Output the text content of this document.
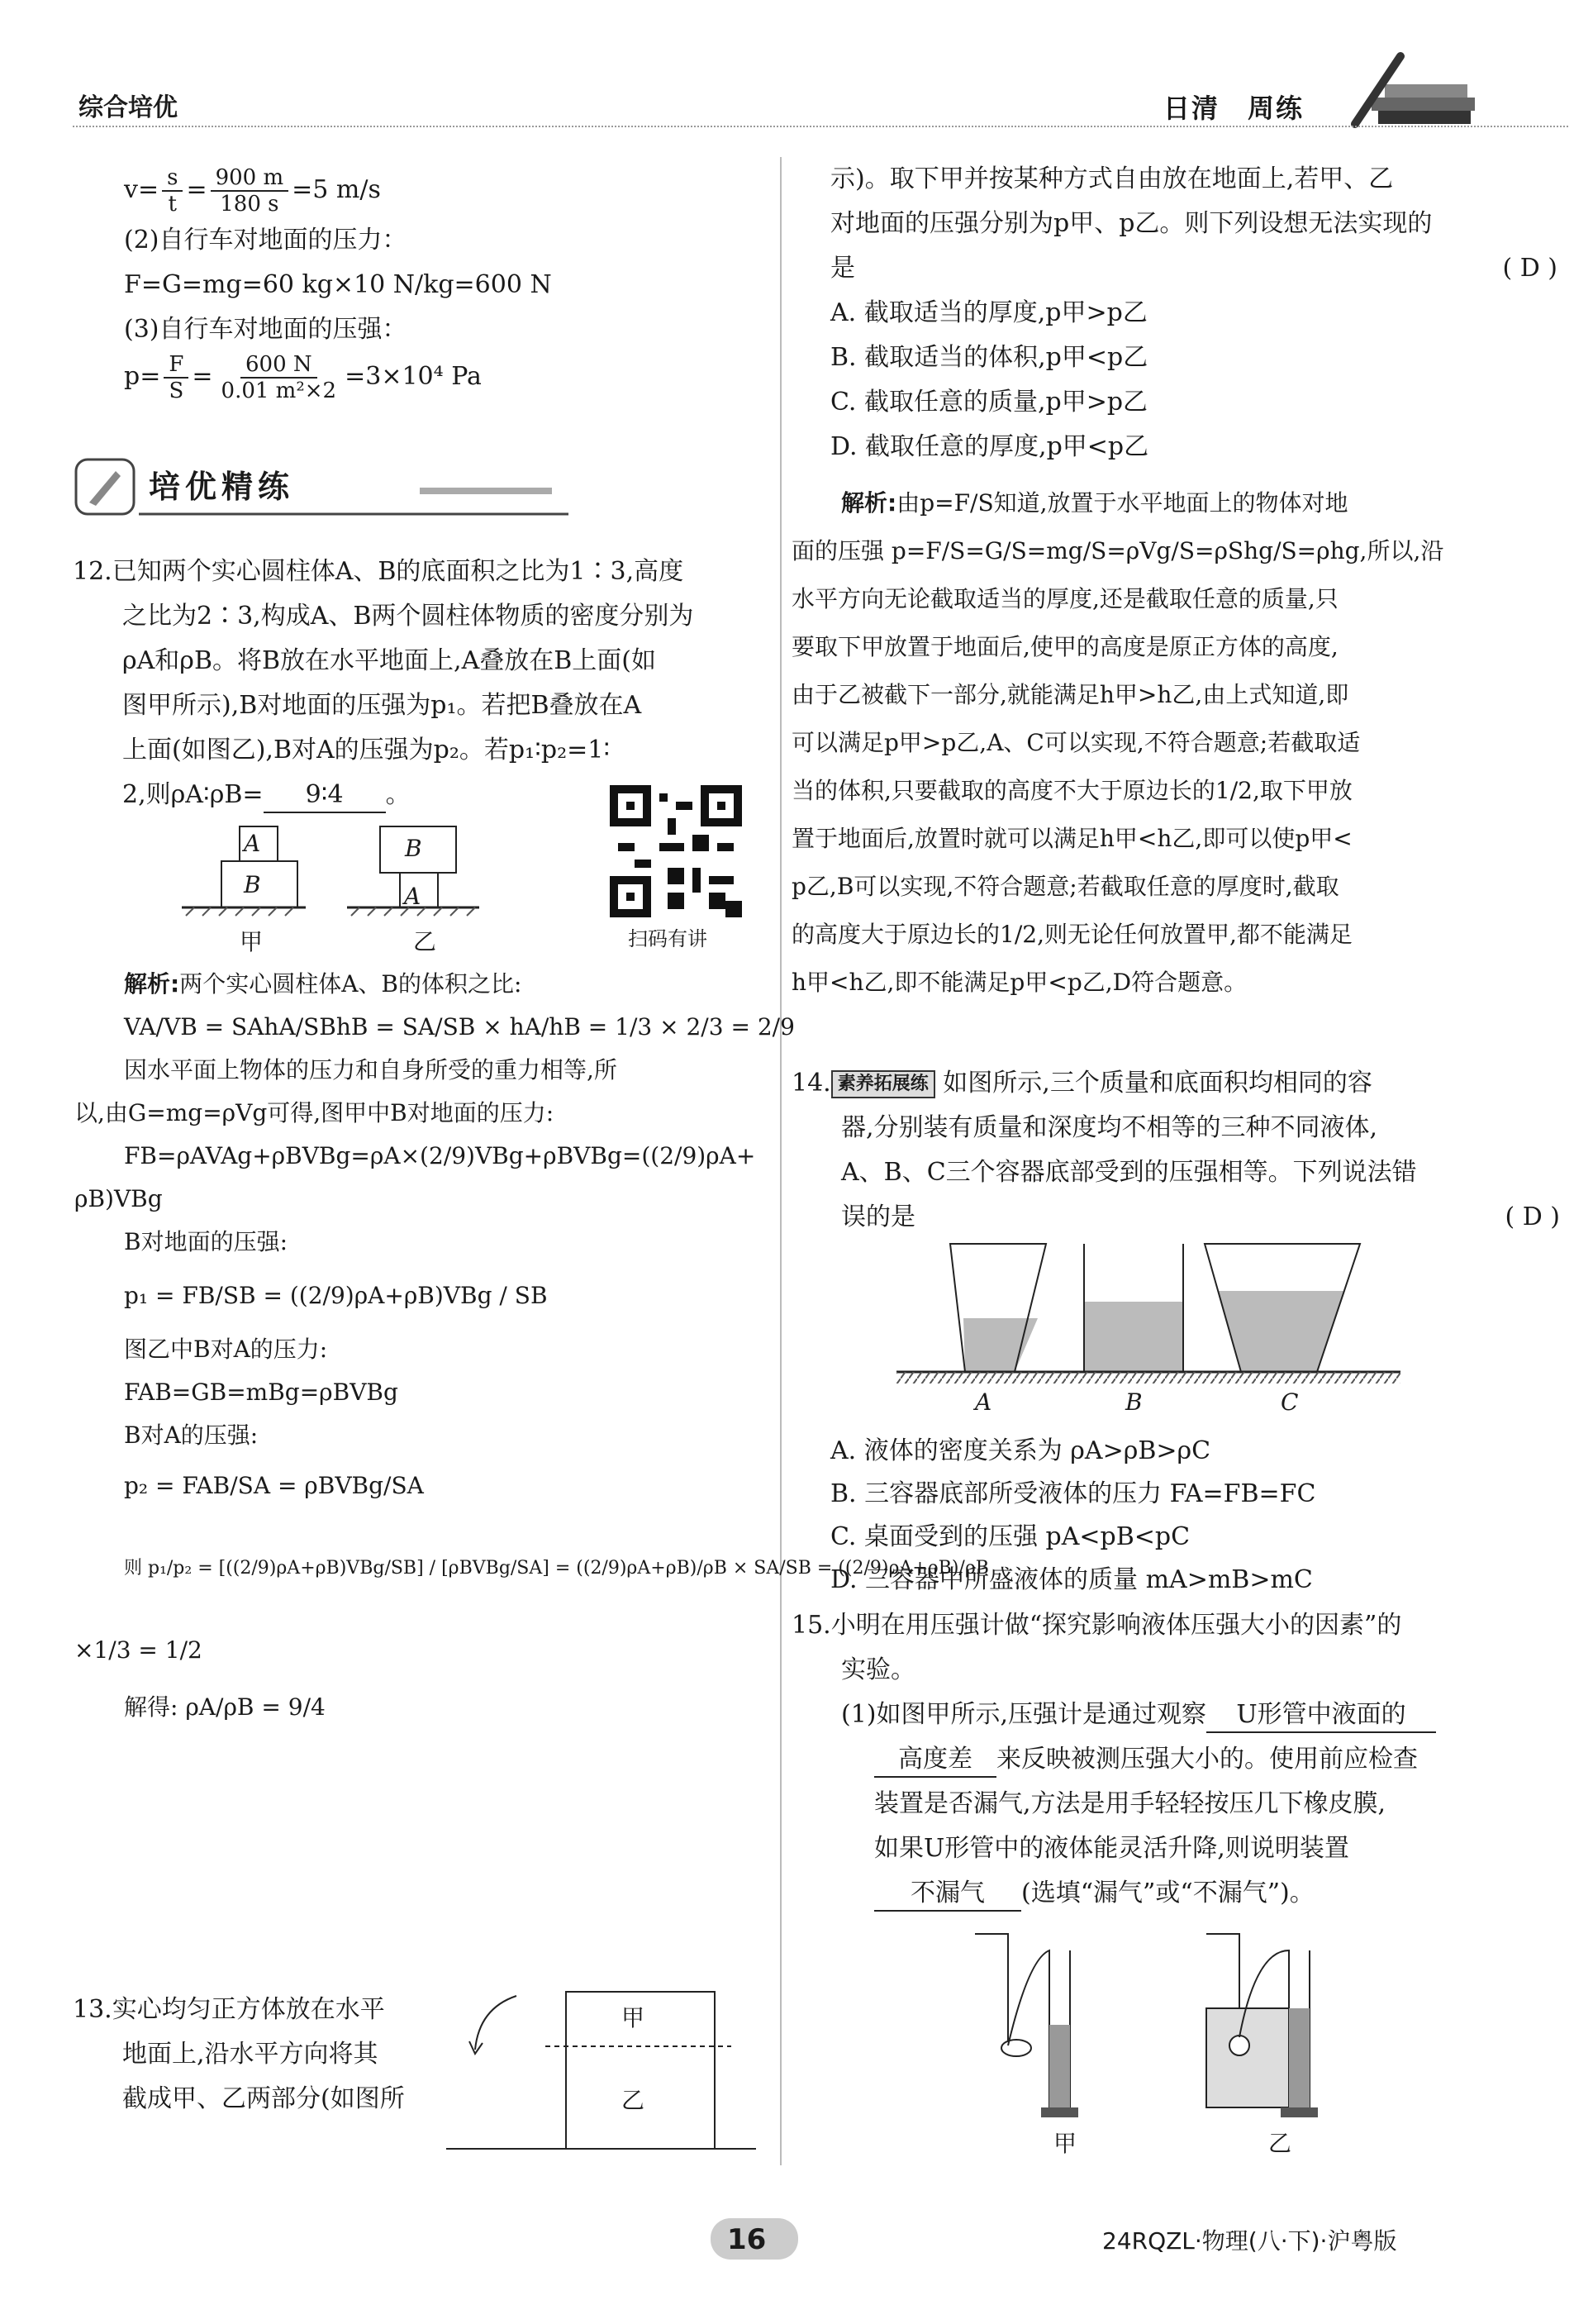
综合培优	日清　周练
$v= \frac{s}{t} = \frac{900 m}{180 s} =5$ m/s
(2)自行车对地面的压力：
F=G=mg=60 kg×10 N/kg=600 N
(3)自行车对地面的压强：
$p= \frac{F}{S} = \frac{600 N}{\text{0.01 m²×2}} =3\times 10^4$ Pa
培优精练
12.已知两个实心圆柱体A、B的底面积之比为1∶3,高度
之比为2∶3,构成A、B两个圆柱体物质的密度分别为
ρA和ρB。将B放在水平地面上,A叠放在B上面(如
图甲所示),B对地面的压强为p₁。若把B叠放在A
上面(如图乙),B对A的压强为p₂。若p₁∶p₂=1∶
2,则ρA∶ρB= 9∶4 。
A
B
B
A
甲	乙	扫码有讲
解析:两个实心圆柱体A、B的体积之比:
VA/VB = SAhA/SBhB = SA/SB × hA/hB = 1/3 × 2/3 = 2/9
因水平面上物体的压力和自身所受的重力相等,所
以,由G=mg=ρVg可得,图甲中B对地面的压力:
FB=ρAVAg+ρBVBg=ρA×(2/9)VBg+ρBVBg=((2/9)ρA+
ρB)VBg
B对地面的压强:
p₁ = FB/SB = ((2/9)ρA+ρB)VBg / SB
图乙中B对A的压力:
FAB=GB=mBg=ρBVBg
B对A的压强:
p₂ = FAB/SA = ρBVBg/SA
则 p₁/p₂ = [((2/9)ρA+ρB)VBg/SB] / [ρBVBg/SA] = ((2/9)ρA+ρB)/ρB × SA/SB = ((2/9)ρA+ρB)/ρB
×1/3 = 1/2
解得: ρA/ρB = 9/4
13.实心均匀正方体放在水平
地面上,沿水平方向将其
截成甲、乙两部分(如图所
甲
乙
示)。取下甲并按某种方式自由放在地面上,若甲、乙
对地面的压强分别为p甲、p乙。则下列设想无法实现的
是	( D )
A. 截取适当的厚度,p甲>p乙
B. 截取适当的体积,p甲<p乙
C. 截取任意的质量,p甲>p乙
D. 截取任意的厚度,p甲<p乙
解析:由p=F/S知道,放置于水平地面上的物体对地
面的压强 p=F/S=G/S=mg/S=ρVg/S=ρShg/S=ρhg,所以,沿
水平方向无论截取适当的厚度,还是截取任意的质量,只
要取下甲放置于地面后,使甲的高度是原正方体的高度,
由于乙被截下一部分,就能满足h甲>h乙,由上式知道,即
可以满足p甲>p乙,A、C可以实现,不符合题意;若截取适
当的体积,只要截取的高度不大于原边长的1/2,取下甲放
置于地面后,放置时就可以满足h甲<h乙,即可以使p甲<
p乙,B可以实现,不符合题意;若截取任意的厚度时,截取
的高度大于原边长的1/2,则无论任何放置甲,都不能满足
h甲<h乙,即不能满足p甲<p乙,D符合题意。
14. 素养拓展练 如图所示,三个质量和底面积均相同的容
器,分别装有质量和深度均不相等的三种不同液体,
A、B、C三个容器底部受到的压强相等。下列说法错
误的是	( D )
A	B	C
A. 液体的密度关系为 ρA>ρB>ρC
B. 三容器底部所受液体的压力 FA=FB=FC
C. 桌面受到的压强 pA<pB<pC
D. 三容器中所盛液体的质量 mA>mB>mC
15.小明在用压强计做“探究影响液体压强大小的因素”的
实验。
(1)如图甲所示,压强计是通过观察 U形管中液面的
高度差 来反映被测压强大小的。使用前应检查
装置是否漏气,方法是用手轻轻按压几下橡皮膜,
如果U形管中的液体能灵活升降,则说明装置
不漏气 (选填“漏气”或“不漏气”)。
甲	乙
16	24RQZL·物理(八·下)·沪粤版
